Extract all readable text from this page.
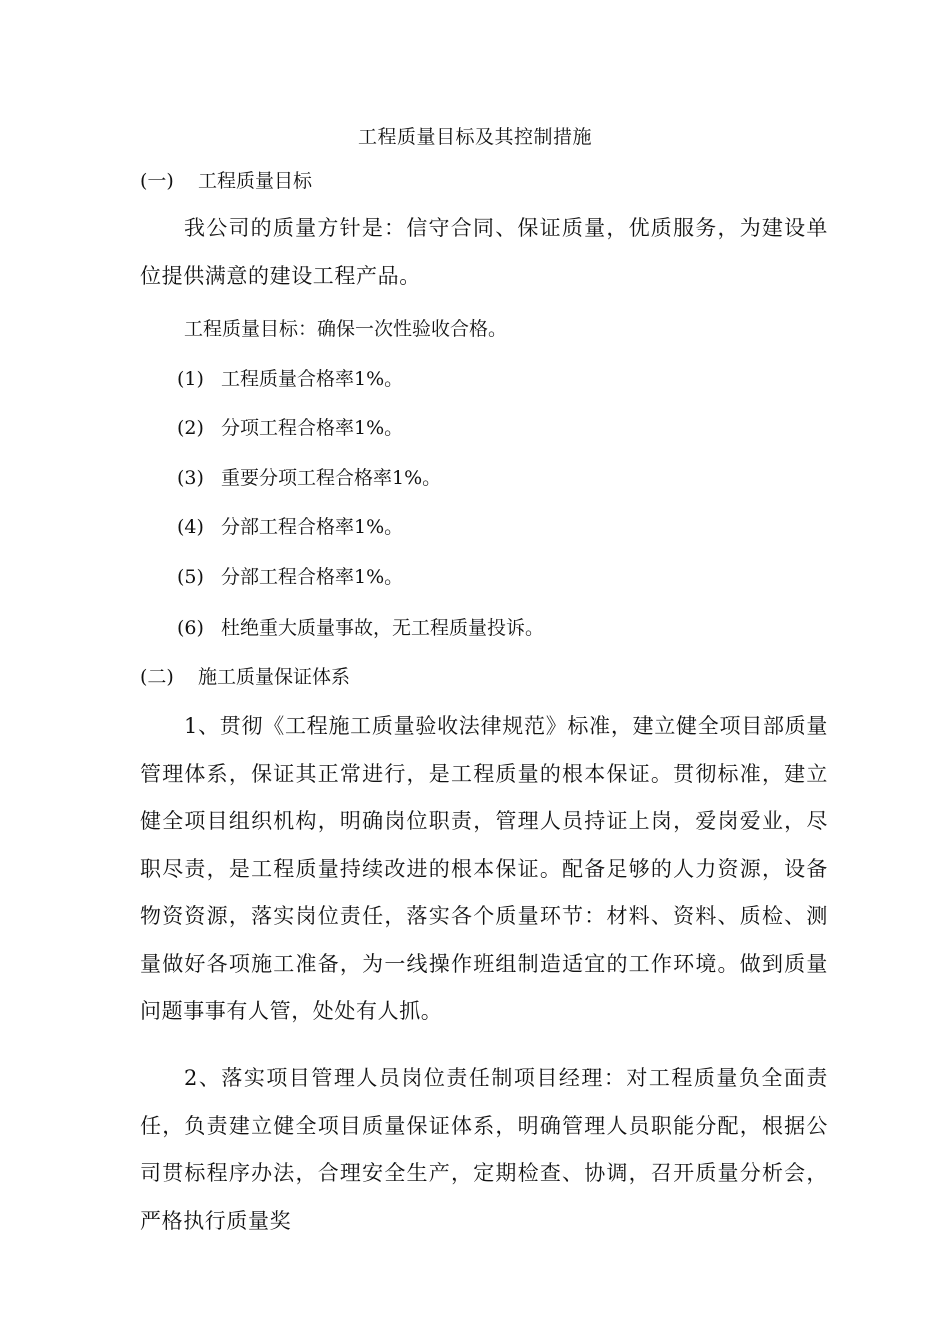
工程质量目标及其控制措施
(一) 工程质量目标
我公司的质量方针是：信守合同、保证质量，优质服务，为建设单位提供满意的建设工程产品。
工程质量目标：确保一次性验收合格。
(1) 工程质量合格率1%。
(2) 分项工程合格率1%。
(3) 重要分项工程合格率1%。
(4) 分部工程合格率1%。
(5) 分部工程合格率1%。
(6) 杜绝重大质量事故，无工程质量投诉。
(二) 施工质量保证体系
1、贯彻《工程施工质量验收法律规范》标准，建立健全项目部质量管理体系，保证其正常进行，是工程质量的根本保证。贯彻标准，建立健全项目组织机构，明确岗位职责，管理人员持证上岗，爱岗爱业，尽职尽责，是工程质量持续改进的根本保证。配备足够的人力资源，设备物资资源，落实岗位责任，落实各个质量环节：材料、资料、质检、测量做好各项施工准备，为一线操作班组制造适宜的工作环境。做到质量问题事事有人管，处处有人抓。
2、落实项目管理人员岗位责任制项目经理：对工程质量负全面责任，负责建立健全项目质量保证体系，明确管理人员职能分配，根据公司贯标程序办法，合理安全生产，定期检查、协调，召开质量分析会，严格执行质量奖
